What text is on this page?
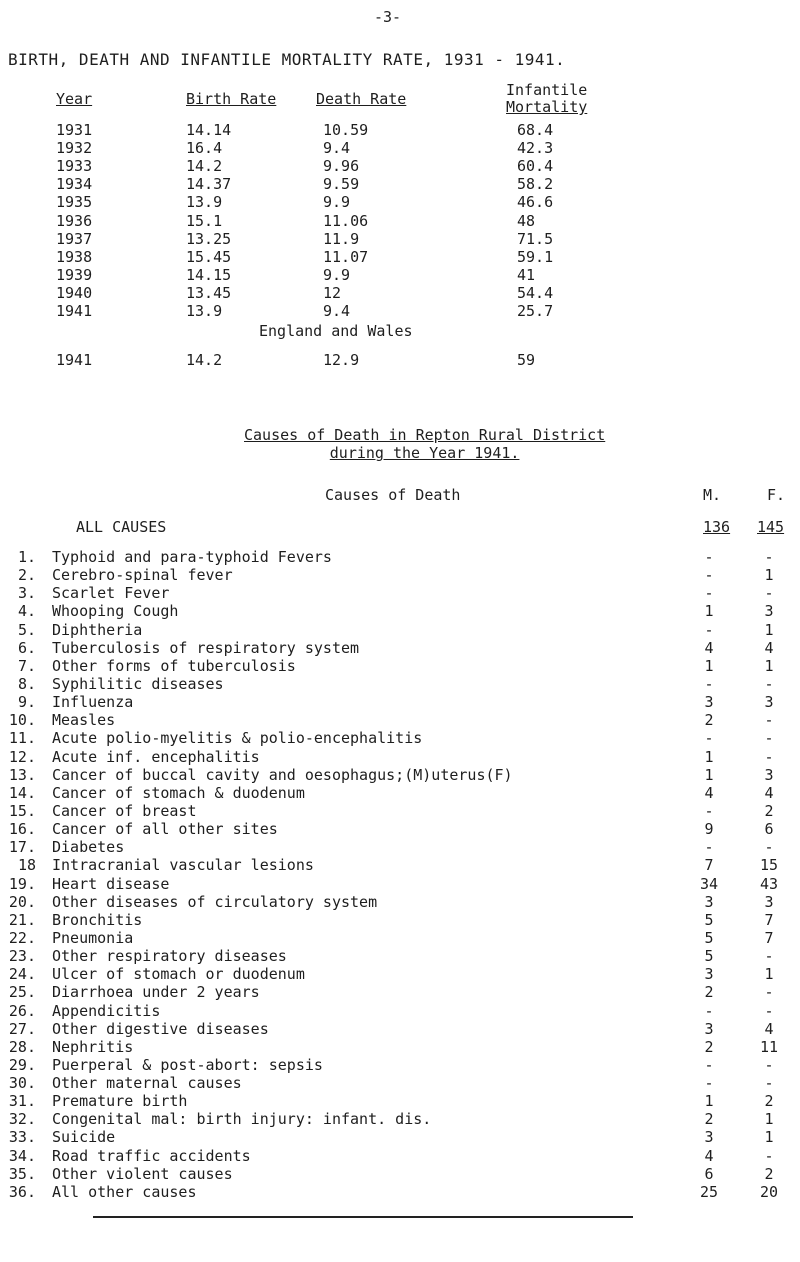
-3-
BIRTH, DEATH AND INFANTILE MORTALITY RATE, 1931 - 1941.
Year	Birth Rate	Death Rate	Infantile
Mortality
1931	14.14	10.59	68.4
1932	16.4	9.4	42.3
1933	14.2	9.96	60.4
1934	14.37	9.59	58.2
1935	13.9	9.9	46.6
1936	15.1	11.06	48
1937	13.25	11.9	71.5
1938	15.45	11.07	59.1
1939	14.15	9.9	41
1940	13.45	12	54.4
1941	13.9	9.4	25.7
England and Wales
1941	14.2	12.9	59
Causes of Death in Repton Rural District
during the Year 1941.
Causes of Death	M.	F.
ALL CAUSES	136 145
1. Typhoid and para-typhoid Fevers	-	-
2. Cerebro-spinal fever	-	1
3. Scarlet Fever	-	-
4. Whooping Cough	1	3
5. Diphtheria	-	1
6. Tuberculosis of respiratory system	4	4
7. Other forms of tuberculosis	1	1
8. Syphilitic diseases	-	-
9. Influenza	3	3
10. Measles	2	-
11. Acute polio-myelitis & polio-encephalitis	-	-
12. Acute inf. encephalitis	1	-
13. Cancer of buccal cavity and oesophagus;(M)uterus(F)	1	3
14. Cancer of stomach & duodenum	4	4
15. Cancer of breast	-	2
16. Cancer of all other sites	9	6
17. Diabetes	-	-
18 Intracranial vascular lesions	7	15
19. Heart disease	34	43
20. Other diseases of circulatory system	3	3
21. Bronchitis	5	7
22. Pneumonia	5	7
23. Other respiratory diseases	5	-
24. Ulcer of stomach or duodenum	3	1
25. Diarrhoea under 2 years	2	-
26. Appendicitis	-	-
27. Other digestive diseases	3	4
28. Nephritis	2	11
29. Puerperal & post-abort: sepsis	-	-
30. Other maternal causes	-	-
31. Premature birth	1	2
32. Congenital mal: birth injury: infant. dis.	2	1
33. Suicide	3	1
34. Road traffic accidents	4	-
35. Other violent causes	6	2
36. All other causes	25	20
